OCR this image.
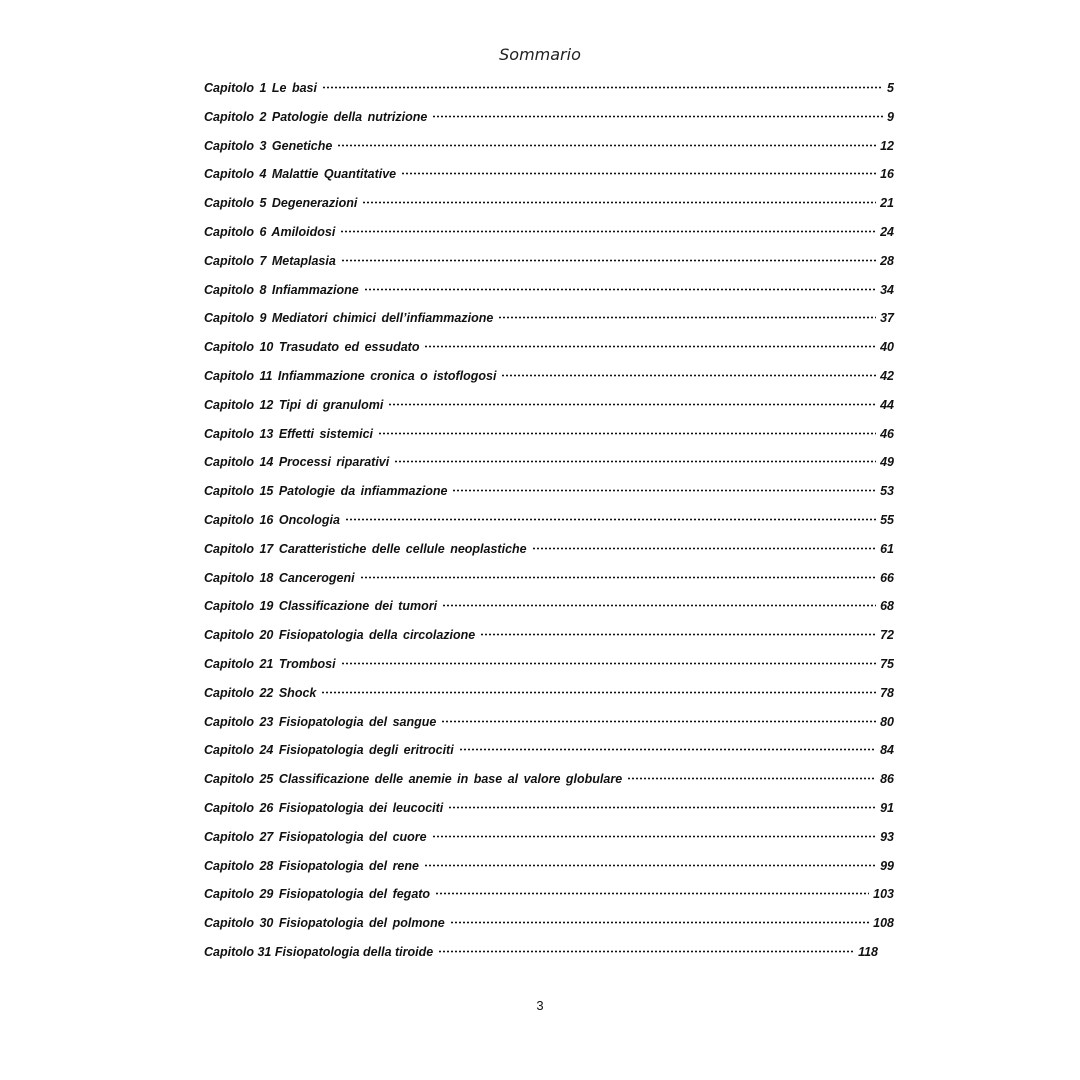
Sommario
Capitolo 1 Le basi	5
Capitolo 2 Patologie della nutrizione	9
Capitolo 3 Genetiche	12
Capitolo 4 Malattie Quantitative	16
Capitolo 5 Degenerazioni	21
Capitolo 6 Amiloidosi	24
Capitolo 7 Metaplasia	28
Capitolo 8 Infiammazione	34
Capitolo 9 Mediatori chimici dell’infiammazione	37
Capitolo 10 Trasudato ed essudato	40
Capitolo 11 Infiammazione cronica o istoflogosi	42
Capitolo 12 Tipi di granulomi	44
Capitolo 13 Effetti sistemici	46
Capitolo 14 Processi riparativi	49
Capitolo 15 Patologie da infiammazione	53
Capitolo 16 Oncologia	55
Capitolo 17 Caratteristiche delle cellule neoplastiche	61
Capitolo 18 Cancerogeni	66
Capitolo 19 Classificazione dei tumori	68
Capitolo 20 Fisiopatologia della circolazione	72
Capitolo 21 Trombosi	75
Capitolo 22 Shock	78
Capitolo 23 Fisiopatologia del sangue	80
Capitolo 24 Fisiopatologia degli eritrociti	84
Capitolo 25 Classificazione delle anemie in base al valore globulare	86
Capitolo 26 Fisiopatologia dei leucociti	91
Capitolo 27 Fisiopatologia del cuore	93
Capitolo 28 Fisiopatologia del rene	99
Capitolo 29 Fisiopatologia del fegato	103
Capitolo 30 Fisiopatologia del polmone	108
Capitolo 31 Fisiopatologia della tiroide	118
3
